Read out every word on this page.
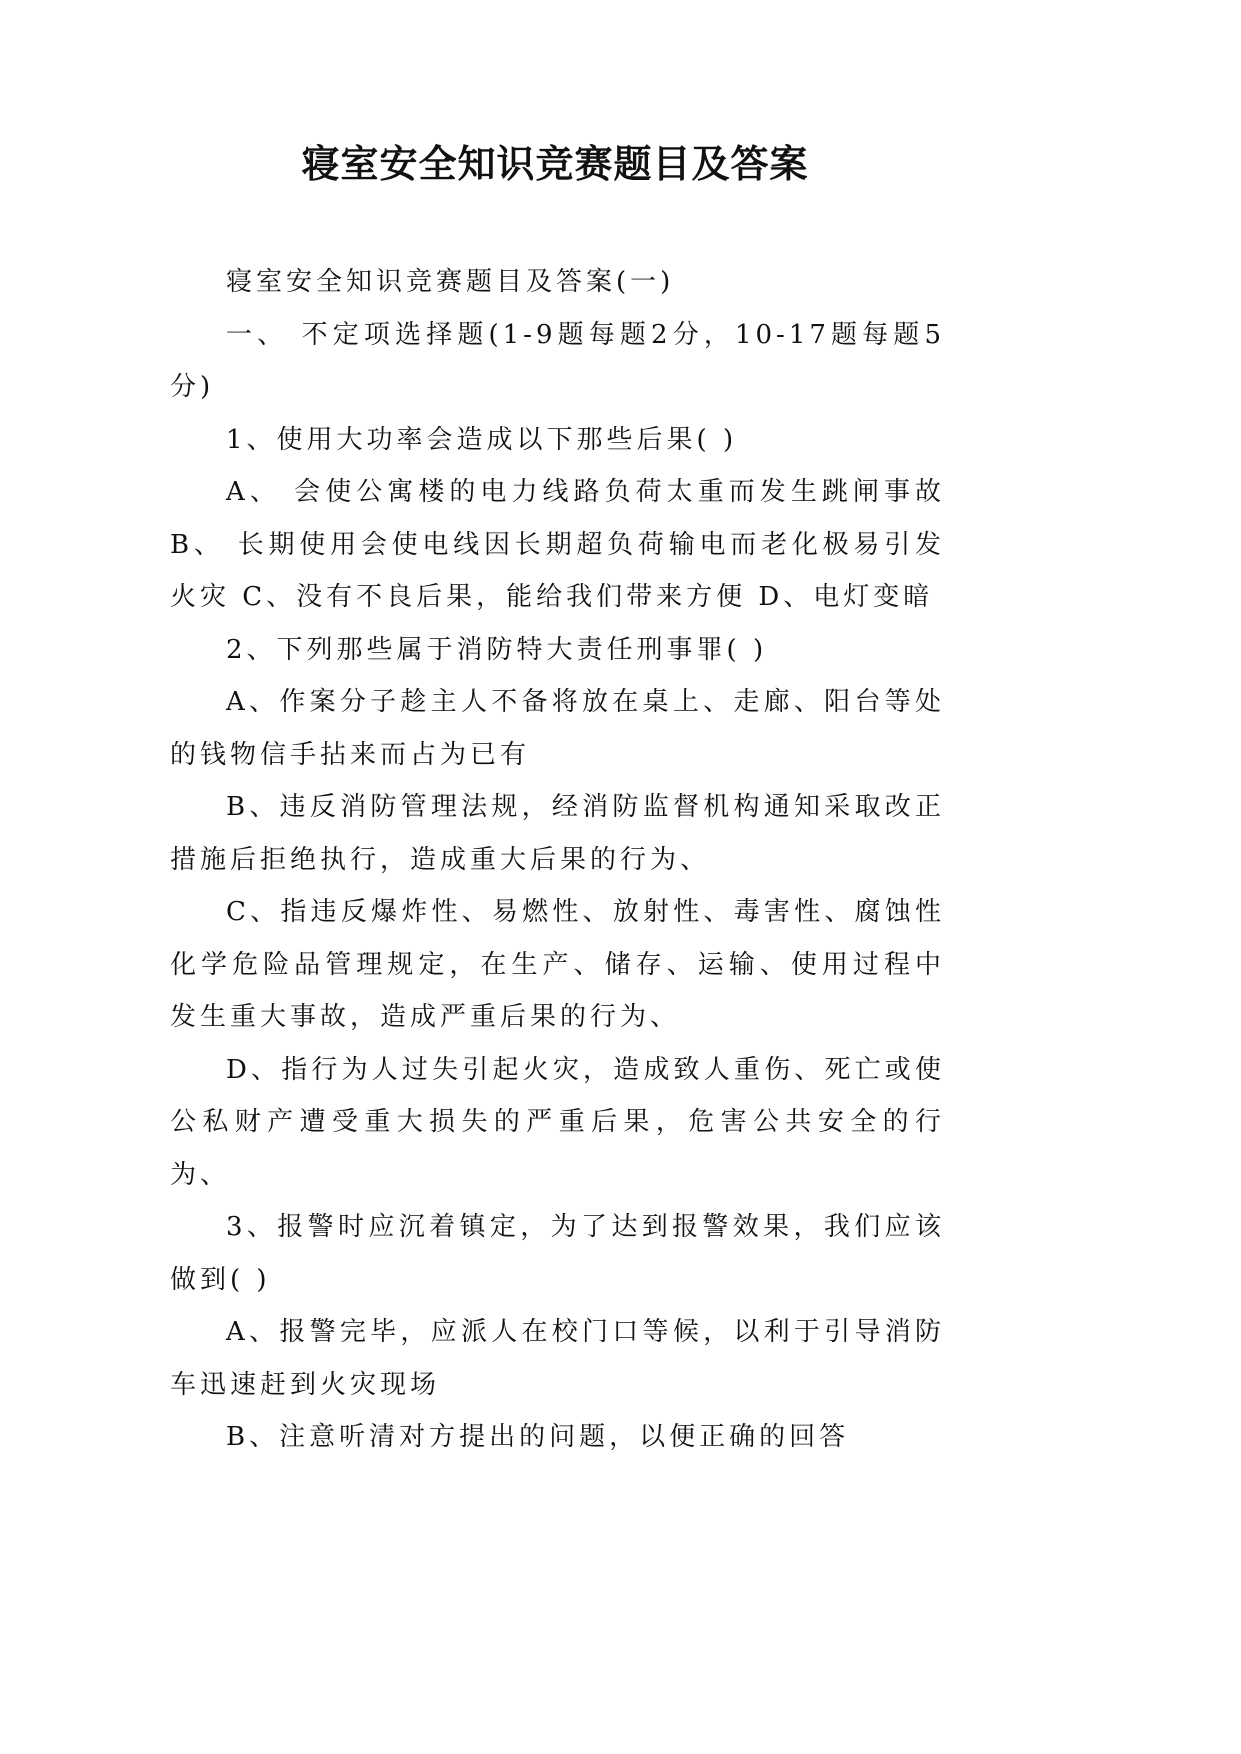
寝室安全知识竞赛题目及答案

寝室安全知识竞赛题目及答案(一)

一、 不定项选择题(1-9题每题2分，10-17题每题5分)

1、使用大功率会造成以下那些后果( )

A、 会使公寓楼的电力线路负荷太重而发生跳闸事故 B、 长期使用会使电线因长期超负荷输电而老化极易引发火灾 C、没有不良后果，能给我们带来方便 D、电灯变暗

2、下列那些属于消防特大责任刑事罪( )

A、作案分子趁主人不备将放在桌上、走廊、阳台等处的钱物信手拈来而占为已有

B、违反消防管理法规，经消防监督机构通知采取改正措施后拒绝执行，造成重大后果的行为、

C、指违反爆炸性、易燃性、放射性、毒害性、腐蚀性化学危险品管理规定，在生产、储存、运输、使用过程中发生重大事故，造成严重后果的行为、

D、指行为人过失引起火灾，造成致人重伤、死亡或使公私财产遭受重大损失的严重后果，危害公共安全的行为、

3、报警时应沉着镇定，为了达到报警效果，我们应该做到( )

A、报警完毕，应派人在校门口等候，以利于引导消防车迅速赶到火灾现场

B、注意听清对方提出的问题，以便正确的回答
